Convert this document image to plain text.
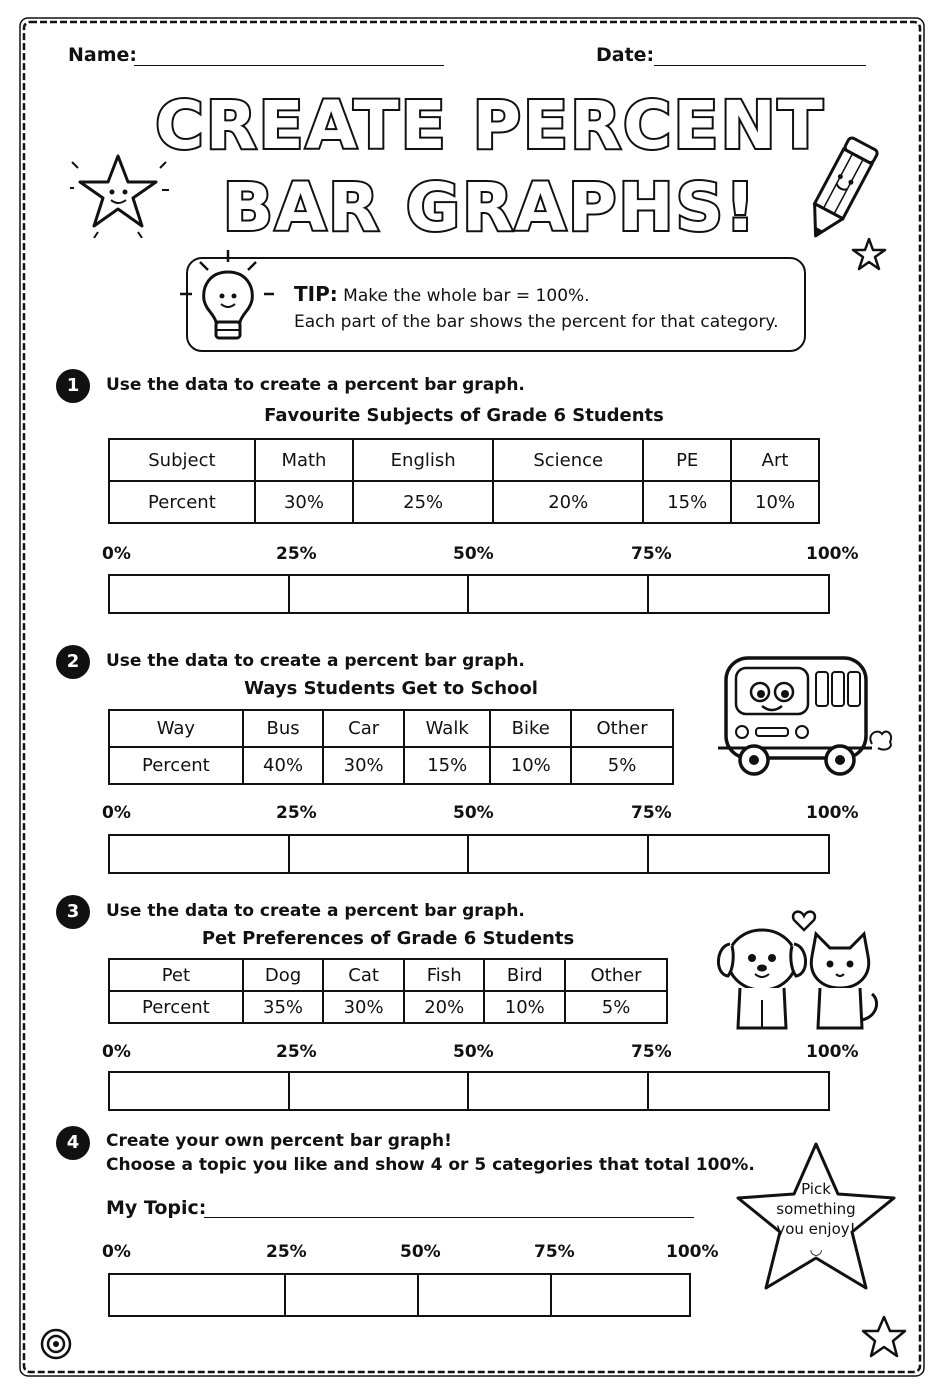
Name:	Date:
CREATE PERCENT
BAR GRAPHS!
TIP: Make the whole bar = 100%.
Each part of the bar shows the percent for that category.
1	Use the data to create a percent bar graph.
Favourite Subjects of Grade 6 Students
Subject	Math	English	Science	PE	Art
Percent	30%	25%	20%	15%	10%
0%	25%	50%	75%	100%
2	Use the data to create a percent bar graph.
Ways Students Get to School
Way	Bus	Car	Walk	Bike	Other
Percent	40%	30%	15%	10%	5%
0%	25%	50%	75%	100%
3	Use the data to create a percent bar graph.
Pet Preferences of Grade 6 Students
Pet	Dog	Cat	Fish	Bird	Other
Percent	35%	30%	20%	10%	5%
0%	25%	50%	75%	100%
4	Create your own percent bar graph!
Choose a topic you like and show 4 or 5 categories that total 100%.
My Topic:
0%	25%	50%	75%	100%
Pick
something
you enjoy!
◡
